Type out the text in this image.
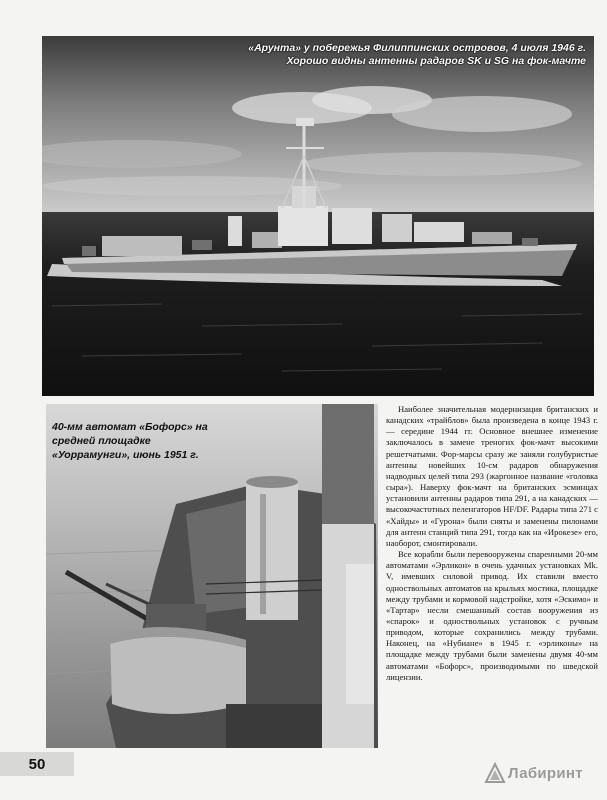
«Арунта» у побережья Филиппинских островов, 4 июля 1946 г.
Хорошо видны антенны радаров SK и SG на фок-мачте
40-мм автомат «Бофорс» на средней площадке «Уоррамунги», июнь 1951 г.

Наиболее значительная модернизация британских и канадских «трайблов» была произведена в конце 1943 г. — середине 1944 гг. Основное внешнее изменение заключалось в замене треногих фок-мачт высокими решетчатыми. Фор-марсы сразу же заняли голубуристые антенны новейших 10-см радаров обнаружения надводных целей типа 293 (жаргонное название «головка сыра»). Наверху фок-мачт на британских эсминцах установили антенны радаров типа 291, а на канадских — высокочастотных пеленгаторов HF/DF. Радары типа 271 с «Хайды» и «Гурона» были сняты и заменены пилонами для антенн станций типа 291, тогда как на «Ирокезе» его, наоборот, смонтировали.

Все корабли были перевооружены спаренными 20-мм автоматами «Эрликон» в очень удачных установках Mk. V, имевших силовой привод. Их ставили вместо одноствольных автоматов на крыльях мостика, площадке между трубами и кормовой надстройке, хотя «Эскимо» и «Тартар» несли смешанный состав вооружения из «спарок» и одноствольных установок с ручным приводом, которые сохранились между трубами. Наконец, на «Нубиане» в 1945 г. «эрликоны» на площадке между трубами были заменены двумя 40-мм автоматами «Бофорс», производимыми по шведской лицензии.

50
Лабиринт
